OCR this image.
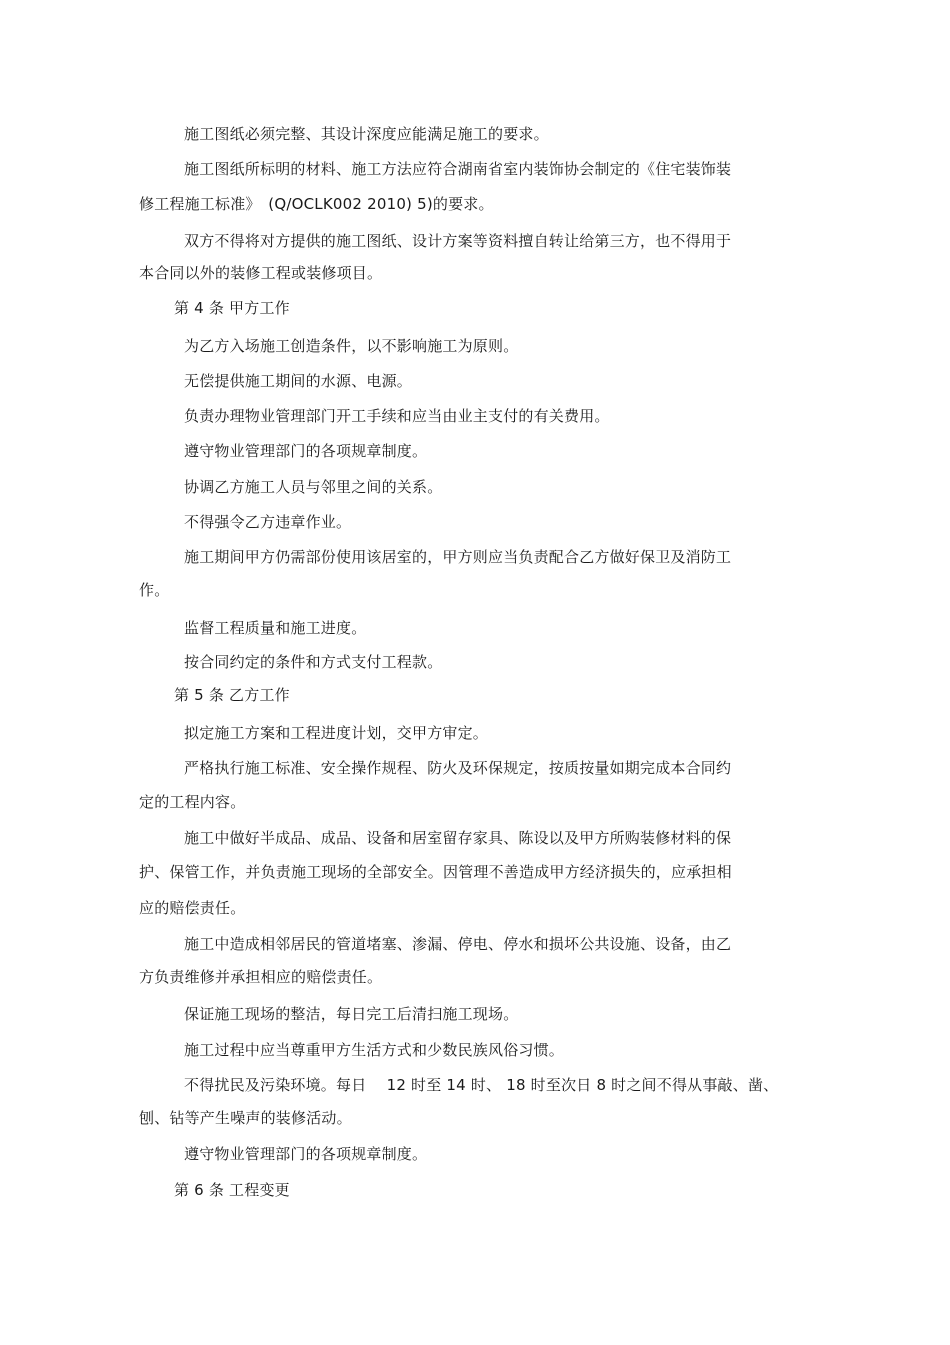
施工图纸必须完整、其设计深度应能满足施工的要求。
施工图纸所标明的材料、施工方法应符合湖南省室内装饰协会制定的《住宅装饰装
修工程施工标准》　(Q/OCLK002 2010) 5)的要求。
双方不得将对方提供的施工图纸、设计方案等资料擅自转让给第三方，也不得用于
本合同以外的装修工程或装修项目。
第 4 条 甲方工作
为乙方入场施工创造条件，以不影响施工为原则。
无偿提供施工期间的水源、电源。
负责办理物业管理部门开工手续和应当由业主支付的有关费用。
遵守物业管理部门的各项规章制度。
协调乙方施工人员与邻里之间的关系。
不得强令乙方违章作业。
施工期间甲方仍需部份使用该居室的，甲方则应当负责配合乙方做好保卫及消防工
作。
监督工程质量和施工进度。
按合同约定的条件和方式支付工程款。
第 5 条 乙方工作
拟定施工方案和工程进度计划，交甲方审定。
严格执行施工标准、安全操作规程、防火及环保规定，按质按量如期完成本合同约
定的工程内容。
施工中做好半成品、成品、设备和居室留存家具、陈设以及甲方所购装修材料的保
护、保管工作，并负责施工现场的全部安全。因管理不善造成甲方经济损失的，应承担相
应的赔偿责任。
施工中造成相邻居民的管道堵塞、渗漏、停电、停水和损坏公共设施、设备，由乙
方负责维修并承担相应的赔偿责任。
保证施工现场的整洁，每日完工后清扫施工现场。
施工过程中应当尊重甲方生活方式和少数民族风俗习惯。
不得扰民及污染环境。每日　 12 时至 14 时、 18 时至次日 8 时之间不得从事敲、凿、
刨、钻等产生噪声的装修活动。
遵守物业管理部门的各项规章制度。
第 6 条 工程变更
